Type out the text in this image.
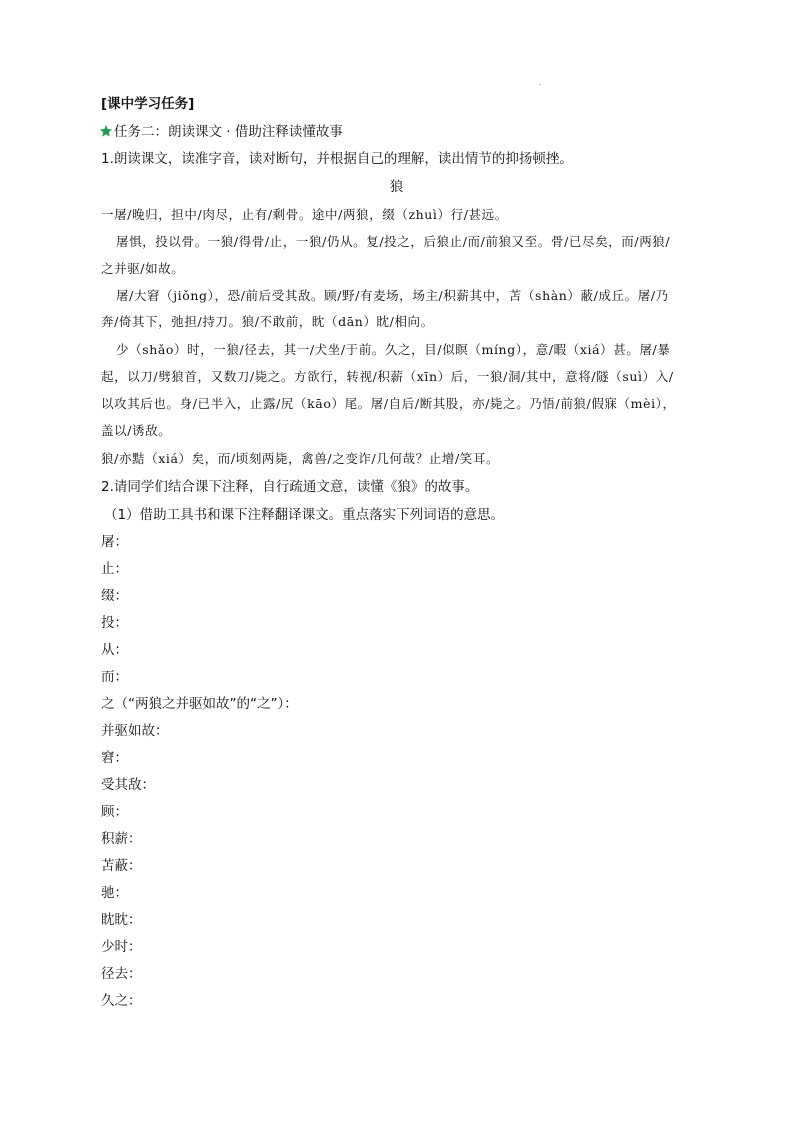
[课中学习任务]
任务二：朗读课文 · 借助注释读懂故事
1.朗读课文，读准字音，读对断句，并根据自己的理解，读出情节的抑扬顿挫。
狼
一屠/晚归，担中/肉尽，止有/剩骨。途中/两狼，缀（zhuì）行/甚远。
屠惧，投以骨。一狼/得骨/止，一狼/仍从。复/投之，后狼止/而/前狼又至。骨/已尽矣，而/两狼/
之并驱/如故。
屠/大窘（jiǒng），恐/前后受其敌。顾/野/有麦场，场主/积薪其中，苫（shàn）蔽/成丘。屠/乃
奔/倚其下，弛担/持刀。狼/不敢前，眈（dān）眈/相向。
少（shǎo）时，一狼/径去，其一/犬坐/于前。久之，目/似瞑（míng），意/暇（xiá）甚。屠/暴
起，以刀/劈狼首，又数刀/毙之。方欲行，转视/积薪（xīn）后，一狼/洞/其中，意将/隧（suì）入/
以攻其后也。身/已半入，止露/尻（kāo）尾。屠/自后/断其股，亦/毙之。乃悟/前狼/假寐（mèi），
盖以/诱敌。
狼/亦黠（xiá）矣，而/顷刻两毙，禽兽/之变诈/几何哉？止增/笑耳。
2.请同学们结合课下注释，自行疏通文意，读懂《狼》的故事。
（1）借助工具书和课下注释翻译课文。重点落实下列词语的意思。
屠：
止：
缀：
投：
从：
而：
之（“两狼之并驱如故”的“之”）：
并驱如故：
窘：
受其敌：
顾：
积薪：
苫蔽：
驰：
眈眈：
少时：
径去：
久之：
